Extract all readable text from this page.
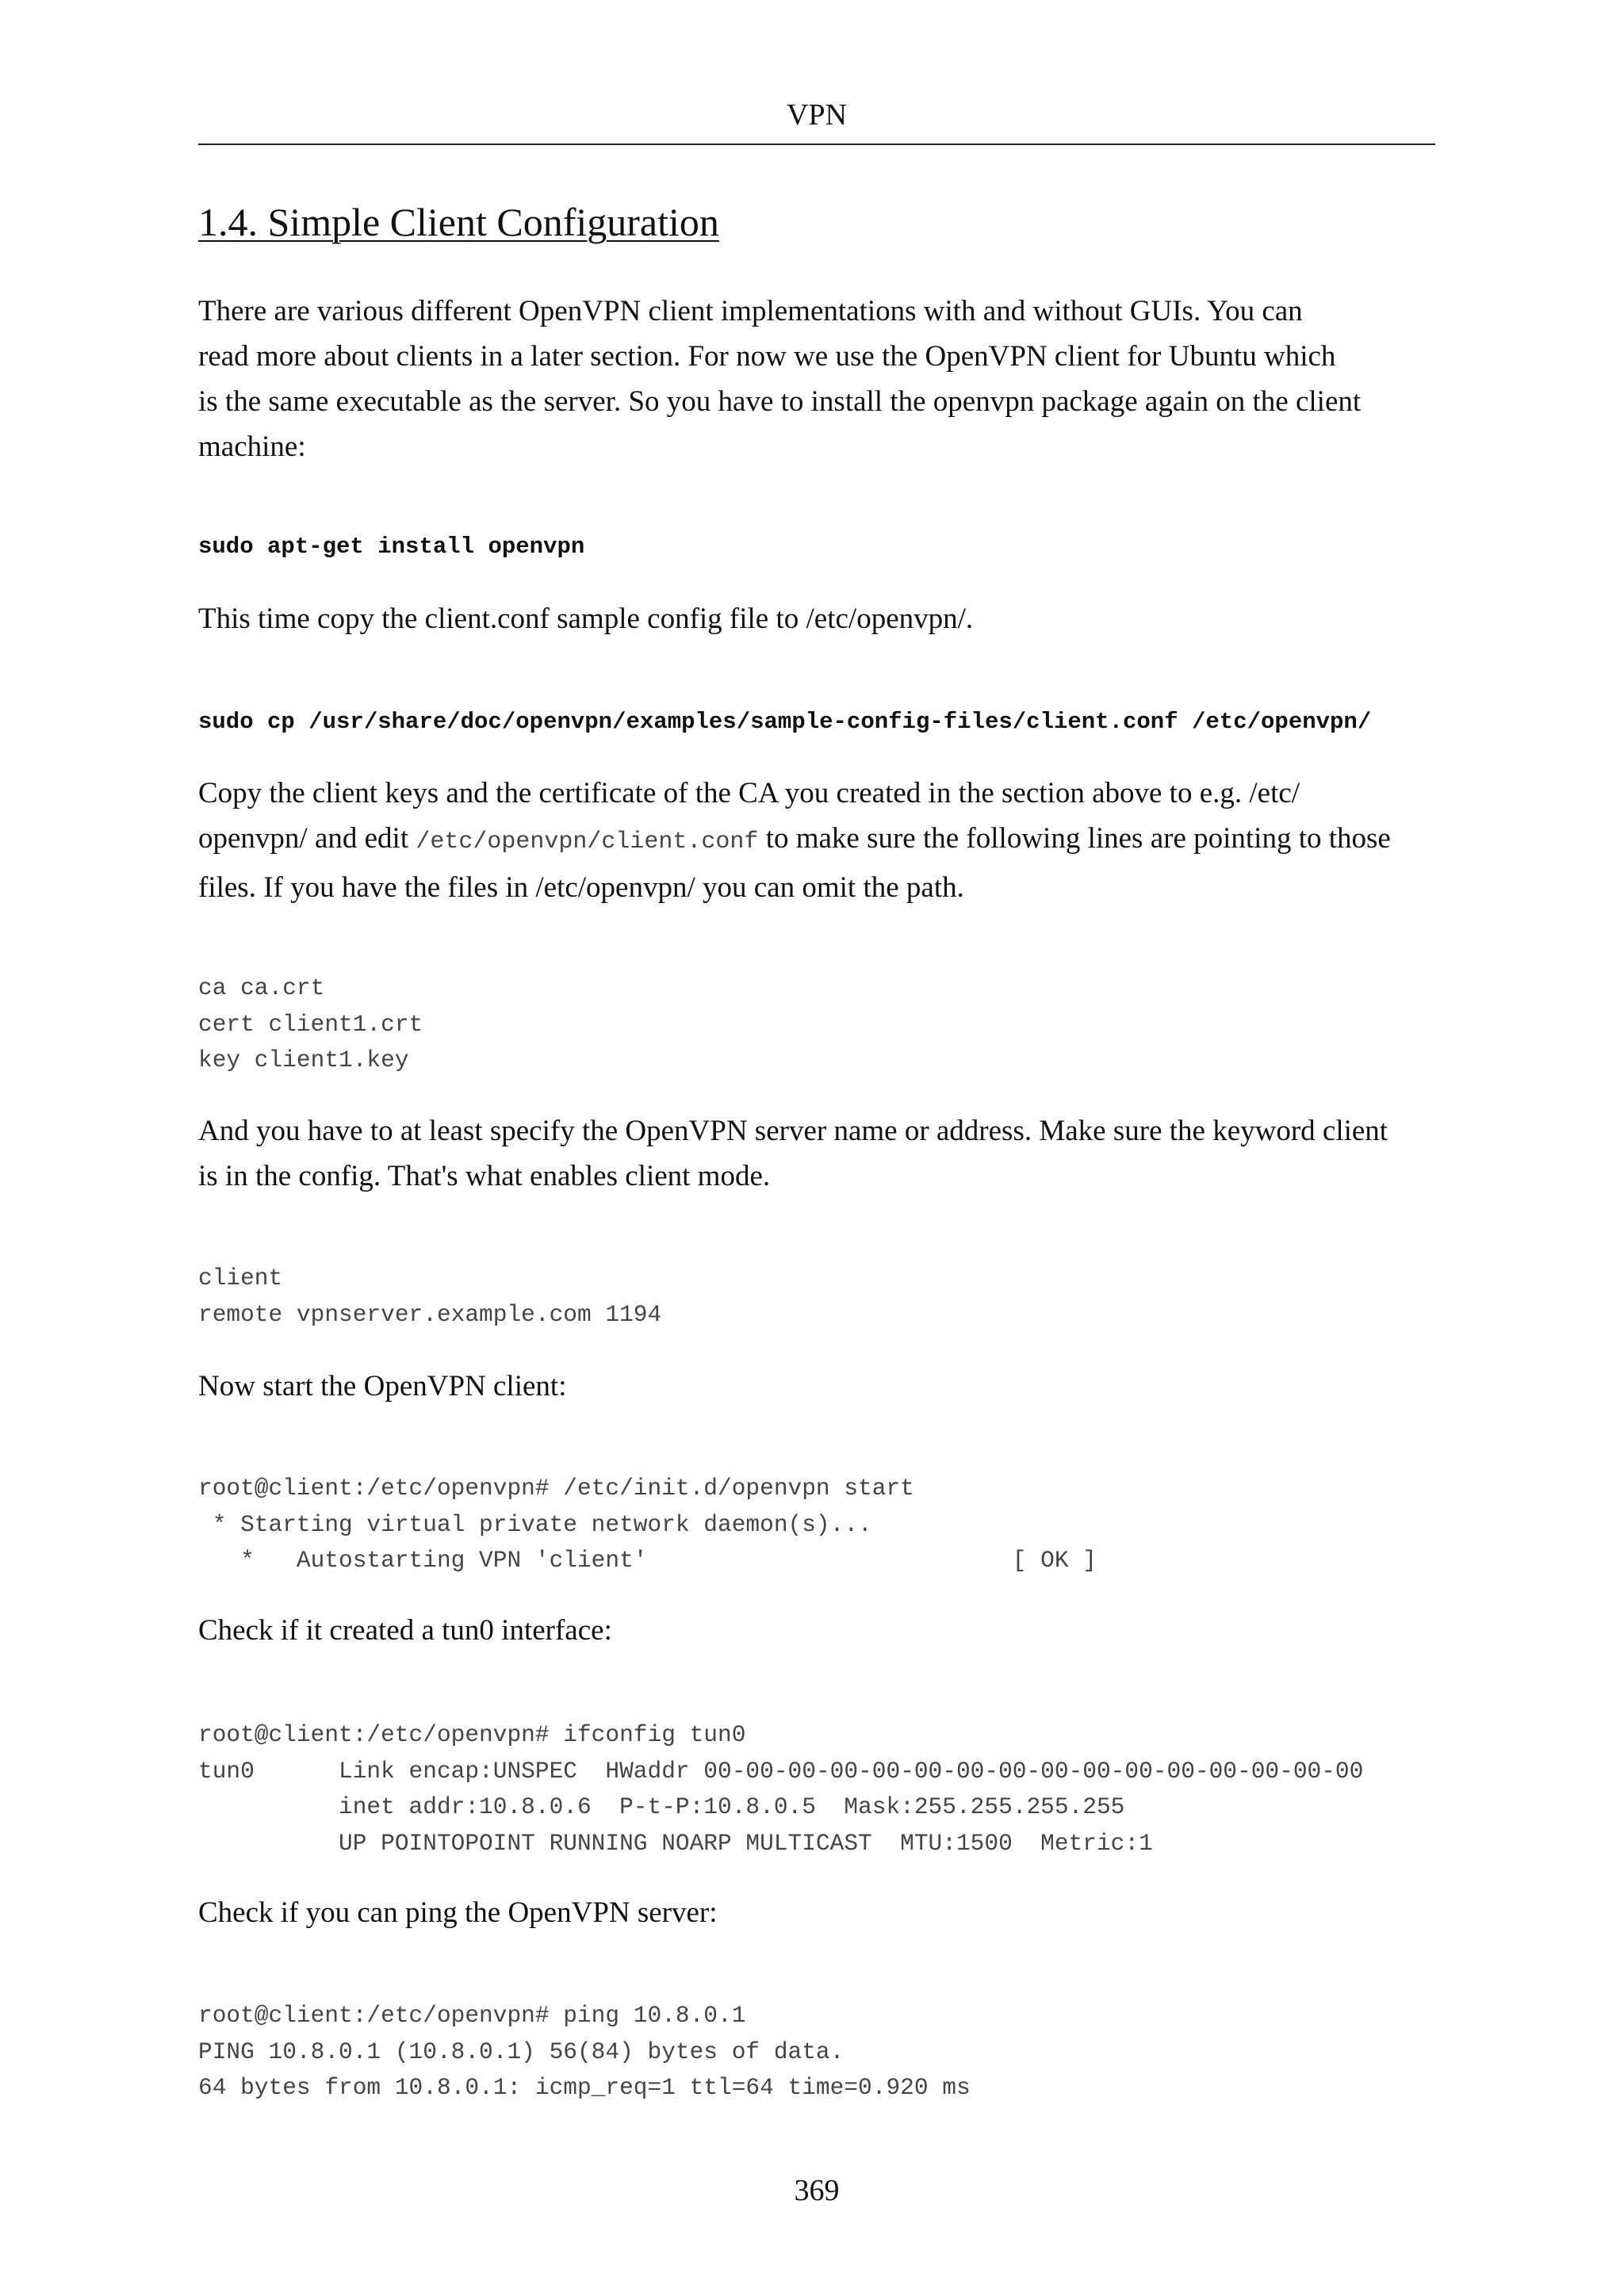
VPN
1.4. Simple Client Configuration
There are various different OpenVPN client implementations with and without GUIs. You can
read more about clients in a later section. For now we use the OpenVPN client for Ubuntu which
is the same executable as the server. So you have to install the openvpn package again on the client
machine:
sudo apt-get install openvpn
This time copy the client.conf sample config file to /etc/openvpn/.
sudo cp /usr/share/doc/openvpn/examples/sample-config-files/client.conf /etc/openvpn/
Copy the client keys and the certificate of the CA you created in the section above to e.g. /etc/
openvpn/ and edit /etc/openvpn/client.conf to make sure the following lines are pointing to those
files. If you have the files in /etc/openvpn/ you can omit the path.
ca ca.crt
cert client1.crt
key client1.key
And you have to at least specify the OpenVPN server name or address. Make sure the keyword client
is in the config. That's what enables client mode.
client
remote vpnserver.example.com 1194
Now start the OpenVPN client:
root@client:/etc/openvpn# /etc/init.d/openvpn start
* Starting virtual private network daemon(s)...
*   Autostarting VPN 'client'                          [ OK ]
Check if it created a tun0 interface:
root@client:/etc/openvpn# ifconfig tun0
tun0      Link encap:UNSPEC  HWaddr 00-00-00-00-00-00-00-00-00-00-00-00-00-00-00-00
inet addr:10.8.0.6  P-t-P:10.8.0.5  Mask:255.255.255.255
UP POINTOPOINT RUNNING NOARP MULTICAST  MTU:1500  Metric:1
Check if you can ping the OpenVPN server:
root@client:/etc/openvpn# ping 10.8.0.1
PING 10.8.0.1 (10.8.0.1) 56(84) bytes of data.
64 bytes from 10.8.0.1: icmp_req=1 ttl=64 time=0.920 ms
369
